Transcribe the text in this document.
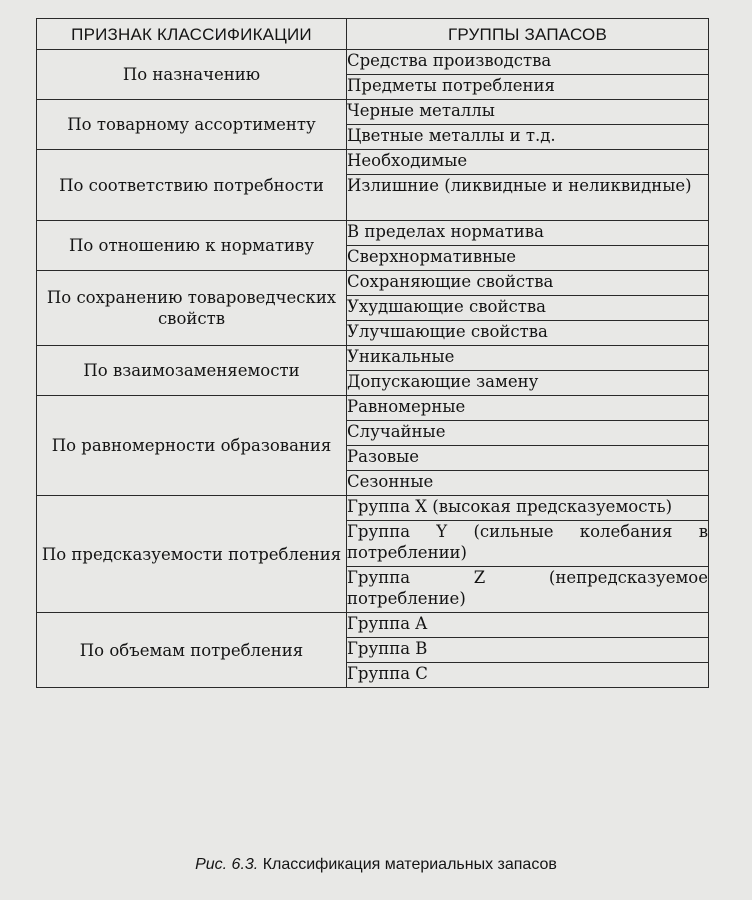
ПРИЗНАК КЛАССИФИКАЦИИ	ГРУППЫ ЗАПАСОВ
По назначению	Средства производства
	Предметы потребления
По товарному ассортименту	Черные металлы
	Цветные металлы и т.д.
По соответствию потребности	Необходимые
	Излишние (ликвидные и неликвидные)
По отношению к нормативу	В пределах норматива
	Сверхнормативные
По сохранению товароведческих свойств	Сохраняющие свойства
	Ухудшающие свойства
	Улучшающие свойства
По взаимозаменяемости	Уникальные
	Допускающие замену
По равномерности образования	Равномерные
	Случайные
	Разовые
	Сезонные
По предсказуемости потребления	Группа X (высокая предсказуемость)
	Группа Y (сильные колебания в потреблении)
	Группа Z (непредсказуемое потребление)
По объемам потребления	Группа A
	Группа B
	Группа C
Рис. 6.3. Классификация материальных запасов
